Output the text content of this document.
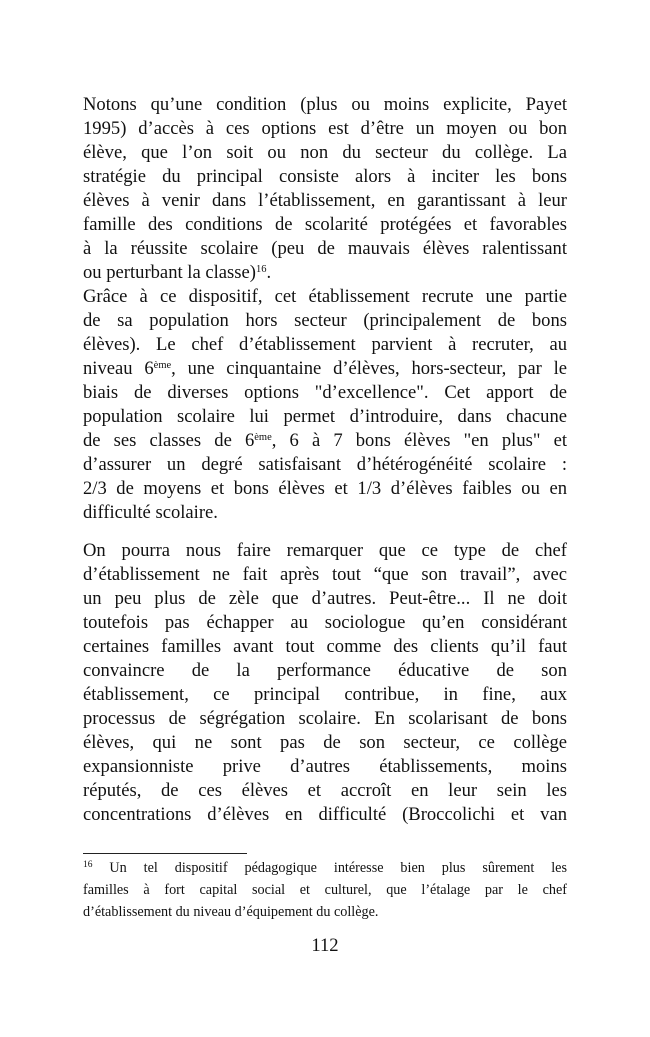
Notons qu’une condition (plus ou moins explicite, Payet
1995) d’accès à ces options est d’être un moyen ou bon
élève, que l’on soit ou non du secteur du collège. La
stratégie du principal consiste alors à inciter les bons
élèves à venir dans l’établissement, en garantissant à leur
famille des conditions de scolarité protégées et favorables
à la réussite scolaire (peu de mauvais élèves ralentissant
ou perturbant la classe)$^{16}$.
Grâce à ce dispositif, cet établissement recrute une partie
de sa population hors secteur (principalement de bons
élèves). Le chef d’établissement parvient à recruter, au
niveau 6ème, une cinquantaine d’élèves, hors-secteur, par le
biais de diverses options "d’excellence". Cet apport de
population scolaire lui permet d’introduire, dans chacune
de ses classes de 6ème, 6 à 7 bons élèves "en plus" et
d’assurer un degré satisfaisant d’hétérogénéité scolaire :
2/3 de moyens et bons élèves et 1/3 d’élèves faibles ou en
difficulté scolaire.
On pourra nous faire remarquer que ce type de chef
d’établissement ne fait après tout “que son travail”, avec
un peu plus de zèle que d’autres. Peut-être... Il ne doit
toutefois pas échapper au sociologue qu’en considérant
certaines familles avant tout comme des clients qu’il faut
convaincre de la performance éducative de son
établissement, ce principal contribue, in fine, aux
processus de ségrégation scolaire. En scolarisant de bons
élèves, qui ne sont pas de son secteur, ce collège
expansionniste prive d’autres établissements, moins
réputés, de ces élèves et accroît en leur sein les
concentrations d’élèves en difficulté (Broccolichi et van
$^{16}$ Un tel dispositif pédagogique intéresse bien plus sûrement les
familles à fort capital social et culturel, que l’étalage par le chef
d’établissement du niveau d’équipement du collège.
112
